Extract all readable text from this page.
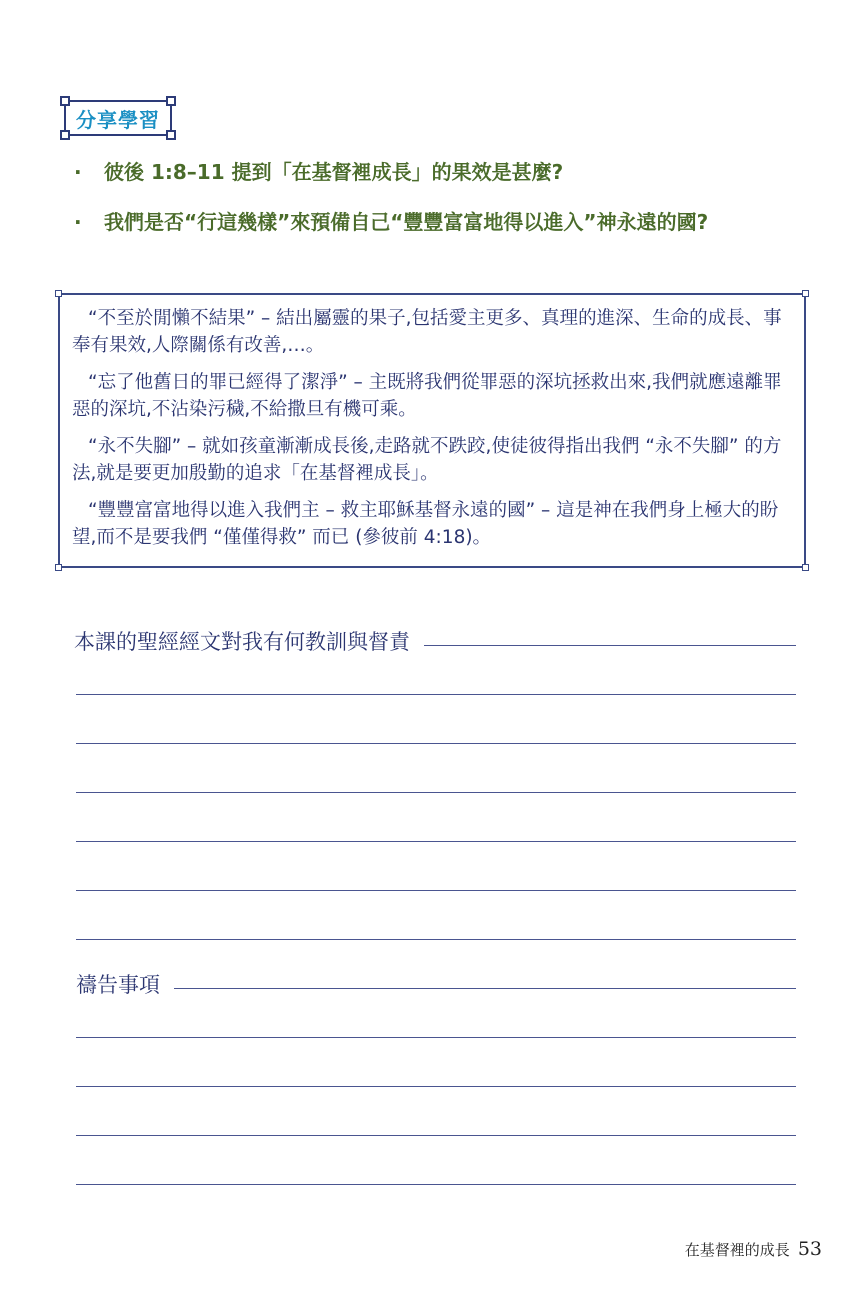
分享學習
· 彼後 1:8–11 提到「在基督裡成長」的果效是甚麼?
· 我們是否“行這幾樣”來預備自己“豐豐富富地得以進入”神永遠的國?

“不至於閒懶不結果” – 結出屬靈的果子,包括愛主更多、真理的進深、生命的成長、事奉有果效,人際關係有改善,…。

“忘了他舊日的罪已經得了潔淨” – 主既將我們從罪惡的深坑拯救出來,我們就應遠離罪惡的深坑,不沾染污穢,不給撒旦有機可乘。

“永不失腳” – 就如孩童漸漸成長後,走路就不跌跤,使徒彼得指出我們 “永不失腳” 的方法,就是要更加殷勤的追求「在基督裡成長」。

“豐豐富富地得以進入我們主 – 救主耶穌基督永遠的國” – 這是神在我們身上極大的盼望,而不是要我們 “僅僅得救” 而已 (參彼前 4:18)。

本課的聖經經文對我有何教訓與督責
禱告事項
在基督裡的成長 53
